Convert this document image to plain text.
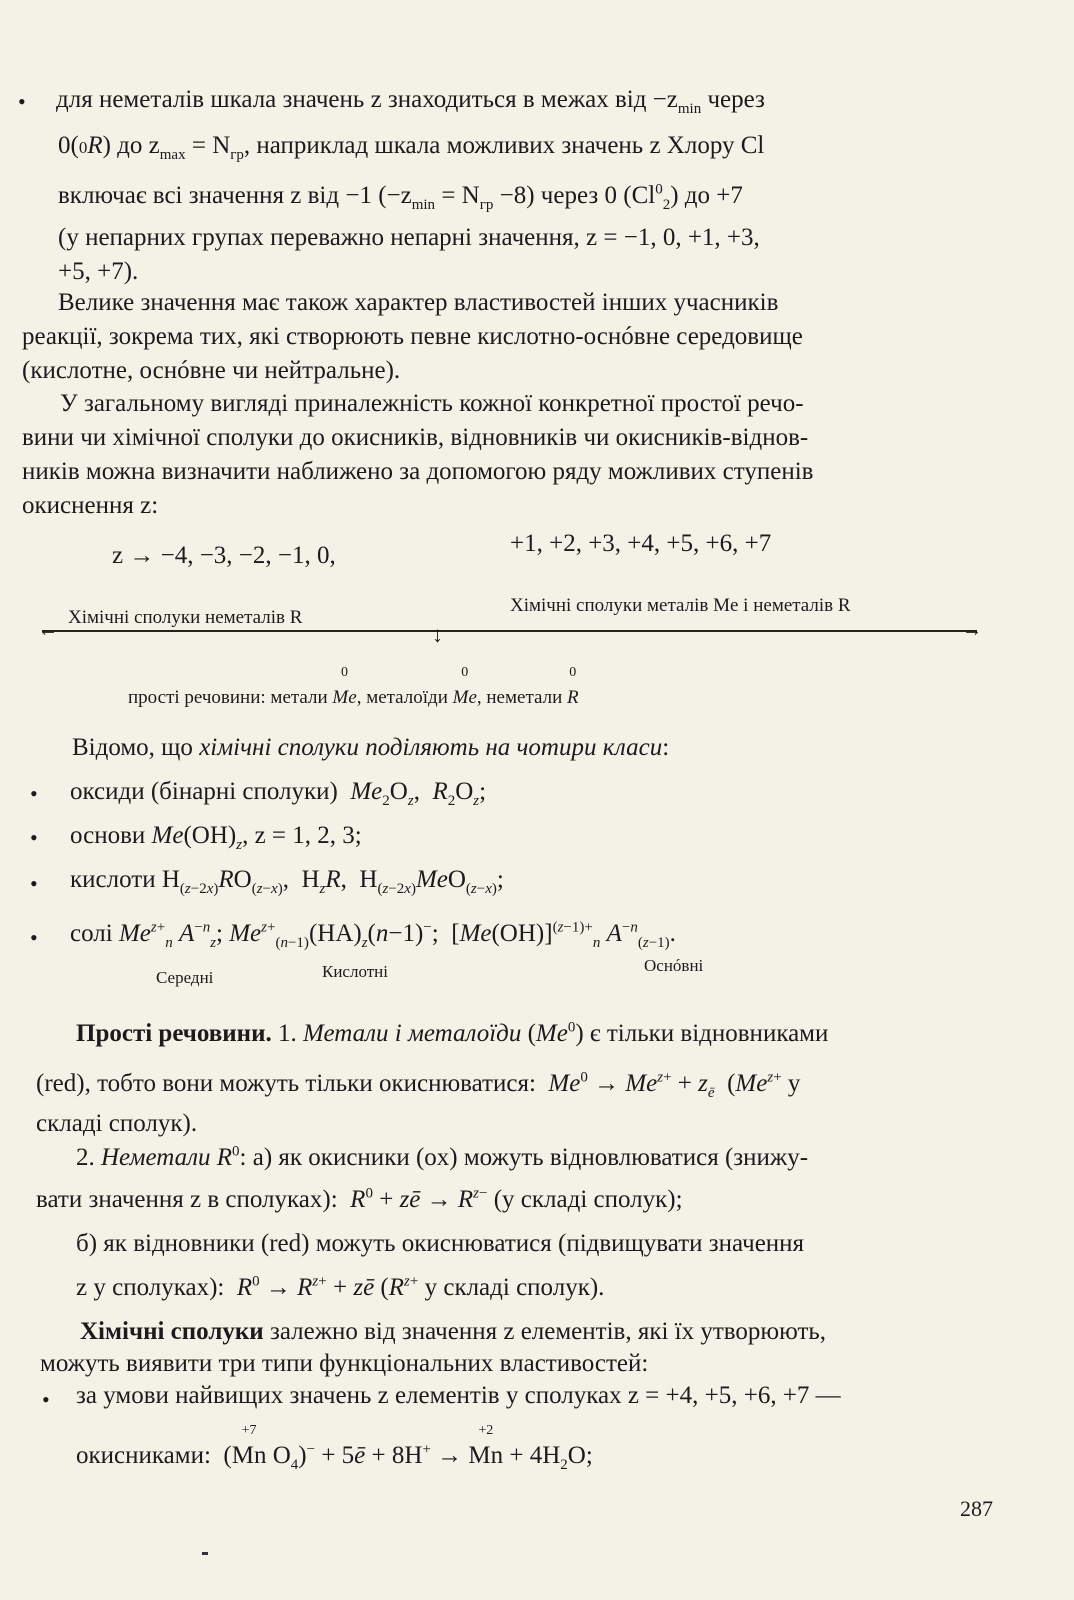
• для неметалів шкала значень z знаходиться в межах від $-z_{min}$ через
0(0R) до $z_{max} = N_{гр}$, наприклад шкала можливих значень z Хлору Cl
включає всі значення z від −1 $(-z_{min} = N_{гр} -8)$ через 0 $(Cl^0_2)$ до +7
(у непарних групах переважно непарні значення, z = −1, 0, +1, +3,
+5, +7).
Велике значення має також характер властивостей інших учасників
реакції, зокрема тих, які створюють певне кислотно-оснóвне середовище
(кислотне, оснóвне чи нейтральне).
У загальному вигляді приналежність кожної конкретної простої речо-
вини чи хімічної сполуки до окисників, відновників чи окисників-віднов-
ників можна визначити наближено за допомогою ряду можливих ступенів
окиснення z:
z → −4, −3, −2, −1, 0,	+1, +2, +3, +4, +5, +6, +7
Хімічні сполуки неметалів R
Хімічні сполуки металів Me і неметалів R
←	→
↓
прості речовини: метали
0
Me, металоїди
0
Me, неметали
0
R
Відомо, що хімічні сполуки поділяють на чотири класи:
• оксиди (бінарні сполуки) $Me_2O_z$,  $R_2O_z$;
• основи $Me(OH)_z$, z = 1, 2, 3;
• кислоти $H_{(z-2x)}RO_{(z-x)}$,  $H_zR$,  $H_{(z-2x)}MeO_{(z-x)}$;
• солі $Me^{z+}_n$ $A^{-n}_z$; $Me^{z+}_{(n-1)}(HA)_z(n-1)^-$;  $[Me(OH)]^{(z-1)+}_n$ $A^{-n}_{(z-1)}$.
Середні	Кислотні	Оснóвні
Прості речовини. 1. Метали і металоїди (Me$^0$) є тільки відновниками
(red), тобто вони можуть тільки окиснюватися: $Me^0 \to Me^{z+} + z_ē$  ($Me^{z+}$ у
складі сполук).
2. Неметали $R^0$: а) як окисники (ox) можуть відновлюватися (знижу-
вати значення z в сполуках): $R^0$ + zē → $R^{z-}$ (у складі сполук);
б) як відновники (red) можуть окиснюватися (підвищувати значення
z у сполуках): $R^0 \to R^{z+}$ + zē ($R^{z+}$ у складі сполук).
Хімічні сполуки залежно від значення z елементів, які їх утворюють,
можуть виявити три типи функціональних властивостей:
• за умови найвищих значень z елементів у сполуках z = +4, +5, +6, +7 —
окисниками:  (
+7
Mn $O_4)^-$ + 5ē + 8H+ →
+2
$Mn + 4H_2O$;
287
